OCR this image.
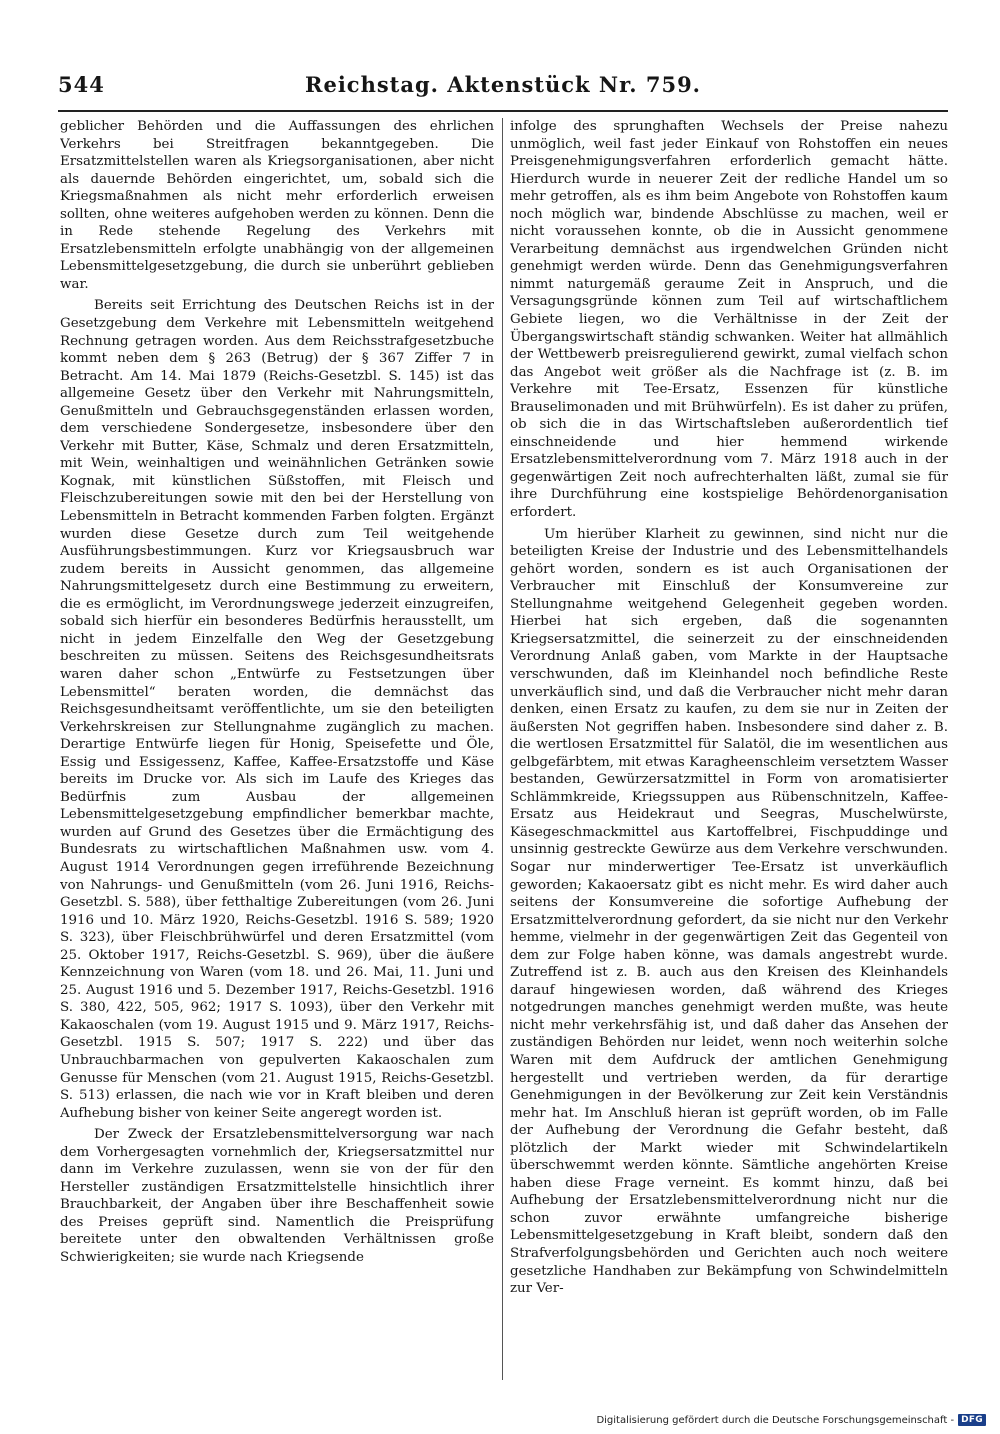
544	Reichstag. Aktenstück Nr. 759.

geblicher Behörden und die Auffassungen des ehrlichen Verkehrs bei Streitfragen bekanntgegeben. Die Ersatzmittelstellen waren als Kriegsorganisationen, aber nicht als dauernde Behörden eingerichtet, um, sobald sich die Kriegsmaßnahmen als nicht mehr erforderlich erweisen sollten, ohne weiteres aufgehoben werden zu können. Denn die in Rede stehende Regelung des Verkehrs mit Ersatzlebensmitteln erfolgte unabhängig von der allgemeinen Lebensmittelgesetzgebung, die durch sie unberührt geblieben war.

Bereits seit Errichtung des Deutschen Reichs ist in der Gesetzgebung dem Verkehre mit Lebensmitteln weitgehend Rechnung getragen worden. Aus dem Reichsstrafgesetzbuche kommt neben dem § 263 (Betrug) der § 367 Ziffer 7 in Betracht. Am 14. Mai 1879 (Reichs-Gesetzbl. S. 145) ist das allgemeine Gesetz über den Verkehr mit Nahrungsmitteln, Genußmitteln und Gebrauchsgegenständen erlassen worden, dem verschiedene Sondergesetze, insbesondere über den Verkehr mit Butter, Käse, Schmalz und deren Ersatzmitteln, mit Wein, weinhaltigen und weinähnlichen Getränken sowie Kognak, mit künstlichen Süßstoffen, mit Fleisch und Fleischzubereitungen sowie mit den bei der Herstellung von Lebensmitteln in Betracht kommenden Farben folgten. Ergänzt wurden diese Gesetze durch zum Teil weitgehende Ausführungsbestimmungen. Kurz vor Kriegsausbruch war zudem bereits in Aussicht genommen, das allgemeine Nahrungsmittelgesetz durch eine Bestimmung zu erweitern, die es ermöglicht, im Verordnungswege jederzeit einzugreifen, sobald sich hierfür ein besonderes Bedürfnis herausstellt, um nicht in jedem Einzelfalle den Weg der Gesetzgebung beschreiten zu müssen. Seitens des Reichsgesundheitsrats waren daher schon „Entwürfe zu Festsetzungen über Lebensmittel“ beraten worden, die demnächst das Reichsgesundheitsamt veröffentlichte, um sie den beteiligten Verkehrskreisen zur Stellungnahme zugänglich zu machen. Derartige Entwürfe liegen für Honig, Speisefette und Öle, Essig und Essigessenz, Kaffee, Kaffee-Ersatzstoffe und Käse bereits im Drucke vor. Als sich im Laufe des Krieges das Bedürfnis zum Ausbau der allgemeinen Lebensmittelgesetzgebung empfindlicher bemerkbar machte, wurden auf Grund des Gesetzes über die Ermächtigung des Bundesrats zu wirtschaftlichen Maßnahmen usw. vom 4. August 1914 Verordnungen gegen irreführende Bezeichnung von Nahrungs- und Genußmitteln (vom 26. Juni 1916, Reichs-Gesetzbl. S. 588), über fetthaltige Zubereitungen (vom 26. Juni 1916 und 10. März 1920, Reichs-Gesetzbl. 1916 S. 589; 1920 S. 323), über Fleischbrühwürfel und deren Ersatzmittel (vom 25. Oktober 1917, Reichs-Gesetzbl. S. 969), über die äußere Kennzeichnung von Waren (vom 18. und 26. Mai, 11. Juni und 25. August 1916 und 5. Dezember 1917, Reichs-Gesetzbl. 1916 S. 380, 422, 505, 962; 1917 S. 1093), über den Verkehr mit Kakaoschalen (vom 19. August 1915 und 9. März 1917, Reichs-Gesetzbl. 1915 S. 507; 1917 S. 222) und über das Unbrauchbarmachen von gepulverten Kakaoschalen zum Genusse für Menschen (vom 21. August 1915, Reichs-Gesetzbl. S. 513) erlassen, die nach wie vor in Kraft bleiben und deren Aufhebung bisher von keiner Seite angeregt worden ist.

Der Zweck der Ersatzlebensmittelversorgung war nach dem Vorhergesagten vornehmlich der, Kriegsersatzmittel nur dann im Verkehre zuzulassen, wenn sie von der für den Hersteller zuständigen Ersatzmittelstelle hinsichtlich ihrer Brauchbarkeit, der Angaben über ihre Beschaffenheit sowie des Preises geprüft sind. Namentlich die Preisprüfung bereitete unter den obwaltenden Verhältnissen große Schwierigkeiten; sie wurde nach Kriegsende

infolge des sprunghaften Wechsels der Preise nahezu unmöglich, weil fast jeder Einkauf von Rohstoffen ein neues Preisgenehmigungsverfahren erforderlich gemacht hätte. Hierdurch wurde in neuerer Zeit der redliche Handel um so mehr getroffen, als es ihm beim Angebote von Rohstoffen kaum noch möglich war, bindende Abschlüsse zu machen, weil er nicht voraussehen konnte, ob die in Aussicht genommene Verarbeitung demnächst aus irgendwelchen Gründen nicht genehmigt werden würde. Denn das Genehmigungsverfahren nimmt naturgemäß geraume Zeit in Anspruch, und die Versagungsgründe können zum Teil auf wirtschaftlichem Gebiete liegen, wo die Verhältnisse in der Zeit der Übergangswirtschaft ständig schwanken. Weiter hat allmählich der Wettbewerb preisregulierend gewirkt, zumal vielfach schon das Angebot weit größer als die Nachfrage ist (z. B. im Verkehre mit Tee-Ersatz, Essenzen für künstliche Brauselimonaden und mit Brühwürfeln). Es ist daher zu prüfen, ob sich die in das Wirtschaftsleben außerordentlich tief einschneidende und hier hemmend wirkende Ersatzlebensmittelverordnung vom 7. März 1918 auch in der gegenwärtigen Zeit noch aufrechterhalten läßt, zumal sie für ihre Durchführung eine kostspielige Behördenorganisation erfordert.

Um hierüber Klarheit zu gewinnen, sind nicht nur die beteiligten Kreise der Industrie und des Lebensmittelhandels gehört worden, sondern es ist auch Organisationen der Verbraucher mit Einschluß der Konsumvereine zur Stellungnahme weitgehend Gelegenheit gegeben worden. Hierbei hat sich ergeben, daß die sogenannten Kriegsersatzmittel, die seinerzeit zu der einschneidenden Verordnung Anlaß gaben, vom Markte in der Hauptsache verschwunden, daß im Kleinhandel noch befindliche Reste unverkäuflich sind, und daß die Verbraucher nicht mehr daran denken, einen Ersatz zu kaufen, zu dem sie nur in Zeiten der äußersten Not gegriffen haben. Insbesondere sind daher z. B. die wertlosen Ersatzmittel für Salatöl, die im wesentlichen aus gelbgefärbtem, mit etwas Karagheenschleim versetztem Wasser bestanden, Gewürzersatzmittel in Form von aromatisierter Schlämmkreide, Kriegssuppen aus Rübenschnitzeln, Kaffee-Ersatz aus Heidekraut und Seegras, Muschelwürste, Käsegeschmackmittel aus Kartoffelbrei, Fischpuddinge und unsinnig gestreckte Gewürze aus dem Verkehre verschwunden. Sogar nur minderwertiger Tee-Ersatz ist unverkäuflich geworden; Kakaoersatz gibt es nicht mehr. Es wird daher auch seitens der Konsumvereine die sofortige Aufhebung der Ersatzmittelverordnung gefordert, da sie nicht nur den Verkehr hemme, vielmehr in der gegenwärtigen Zeit das Gegenteil von dem zur Folge haben könne, was damals angestrebt wurde. Zutreffend ist z. B. auch aus den Kreisen des Kleinhandels darauf hingewiesen worden, daß während des Krieges notgedrungen manches genehmigt werden mußte, was heute nicht mehr verkehrsfähig ist, und daß daher das Ansehen der zuständigen Behörden nur leidet, wenn noch weiterhin solche Waren mit dem Aufdruck der amtlichen Genehmigung hergestellt und vertrieben werden, da für derartige Genehmigungen in der Bevölkerung zur Zeit kein Verständnis mehr hat. Im Anschluß hieran ist geprüft worden, ob im Falle der Aufhebung der Verordnung die Gefahr besteht, daß plötzlich der Markt wieder mit Schwindelartikeln überschwemmt werden könnte. Sämtliche angehörten Kreise haben diese Frage verneint. Es kommt hinzu, daß bei Aufhebung der Ersatzlebensmittelverordnung nicht nur die schon zuvor erwähnte umfangreiche bisherige Lebensmittelgesetzgebung in Kraft bleibt, sondern daß den Strafverfolgungsbehörden und Gerichten auch noch weitere gesetzliche Handhaben zur Bekämpfung von Schwindelmitteln zur Ver-

Digitalisierung gefördert durch die Deutsche Forschungsgemeinschaft - DFG
